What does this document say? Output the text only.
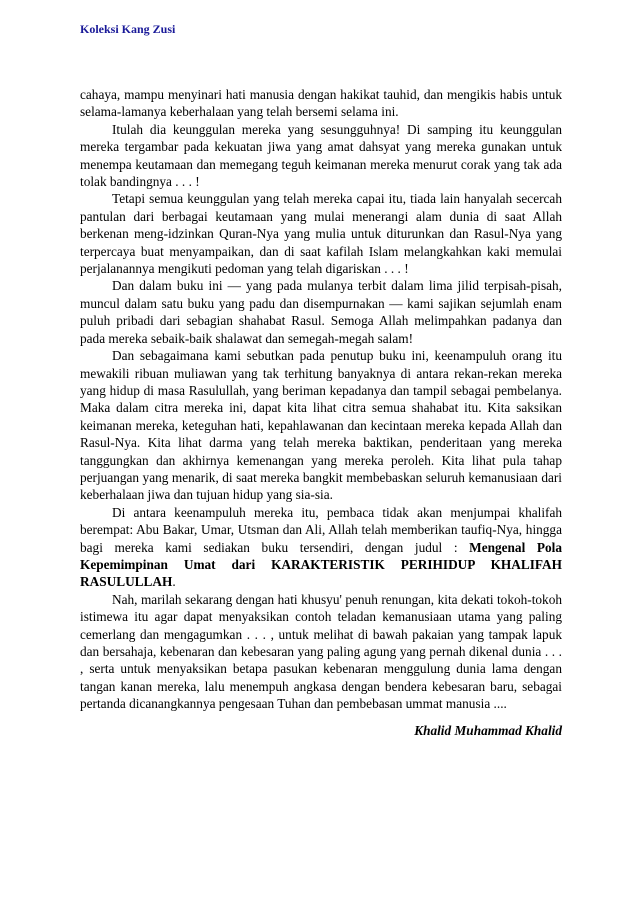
Koleksi Kang Zusi

cahaya, mampu menyinari hati manusia dengan hakikat tauhid, dan mengikis habis untuk selama-lamanya keberhalaan yang telah bersemi selama ini.

Itulah dia keunggulan mereka yang sesungguhnya! Di samping itu keunggulan mereka tergambar pada kekuatan jiwa yang amat dahsyat yang mereka gunakan untuk menempa keutamaan dan memegang teguh keimanan mereka menurut corak yang tak ada tolak bandingnya . . . !

Tetapi semua keunggulan yang telah mereka capai itu, tiada lain hanyalah secercah pantulan dari berbagai keutamaan yang mulai menerangi alam dunia di saat Allah berkenan meng-idzinkan Quran-Nya yang mulia untuk diturunkan dan Rasul-Nya yang terpercaya buat menyampaikan, dan di saat kafilah Islam melangkahkan kaki memulai perjalanannya mengikuti pedoman yang telah digariskan . . . !

Dan dalam buku ini — yang pada mulanya terbit dalam lima jilid terpisah-pisah, muncul dalam satu buku yang padu dan disempurnakan — kami sajikan sejumlah enam puluh pribadi dari sebagian shahabat Rasul. Semoga Allah melimpahkan padanya dan pada mereka sebaik-baik shalawat dan semegah-megah salam!

Dan sebagaimana kami sebutkan pada penutup buku ini, keenampuluh orang itu mewakili ribuan muliawan yang tak terhitung banyaknya di antara rekan-rekan mereka yang hidup di masa Rasulullah, yang beriman kepadanya dan tampil sebagai pembelanya. Maka dalam citra mereka ini, dapat kita lihat citra semua shahabat itu. Kita saksikan keimanan mereka, keteguhan hati, kepahlawanan dan kecintaan mereka kepada Allah dan Rasul-Nya. Kita lihat darma yang telah mereka baktikan, penderitaan yang mereka tanggungkan dan akhirnya kemenangan yang mereka peroleh. Kita lihat pula tahap perjuangan yang menarik, di saat mereka bangkit membebaskan seluruh kemanusiaan dari keberhalaan jiwa dan tujuan hidup yang sia-sia.

Di antara keenampuluh mereka itu, pembaca tidak akan menjumpai khalifah berempat: Abu Bakar, Umar, Utsman dan Ali, Allah telah memberikan taufiq-Nya, hingga bagi mereka kami sediakan buku tersendiri, dengan judul : Mengenal Pola Kepemimpinan Umat dari KARAKTERISTIK PERIHIDUP KHALIFAH RASULULLAH.

Nah, marilah sekarang dengan hati khusyu' penuh renungan, kita dekati tokoh-tokoh istimewa itu agar dapat menyaksikan contoh teladan kemanusiaan utama yang paling cemerlang dan mengagumkan . . . , untuk melihat di bawah pakaian yang tampak lapuk dan bersahaja, kebenaran dan kebesaran yang paling agung yang pernah dikenal dunia . . . , serta untuk menyaksikan betapa pasukan kebenaran menggulung dunia lama dengan tangan kanan mereka, lalu menempuh angkasa dengan bendera kebesaran baru, sebagai pertanda dicanangkannya pengesaan Tuhan dan pembebasan ummat manusia ....

Khalid Muhammad Khalid
